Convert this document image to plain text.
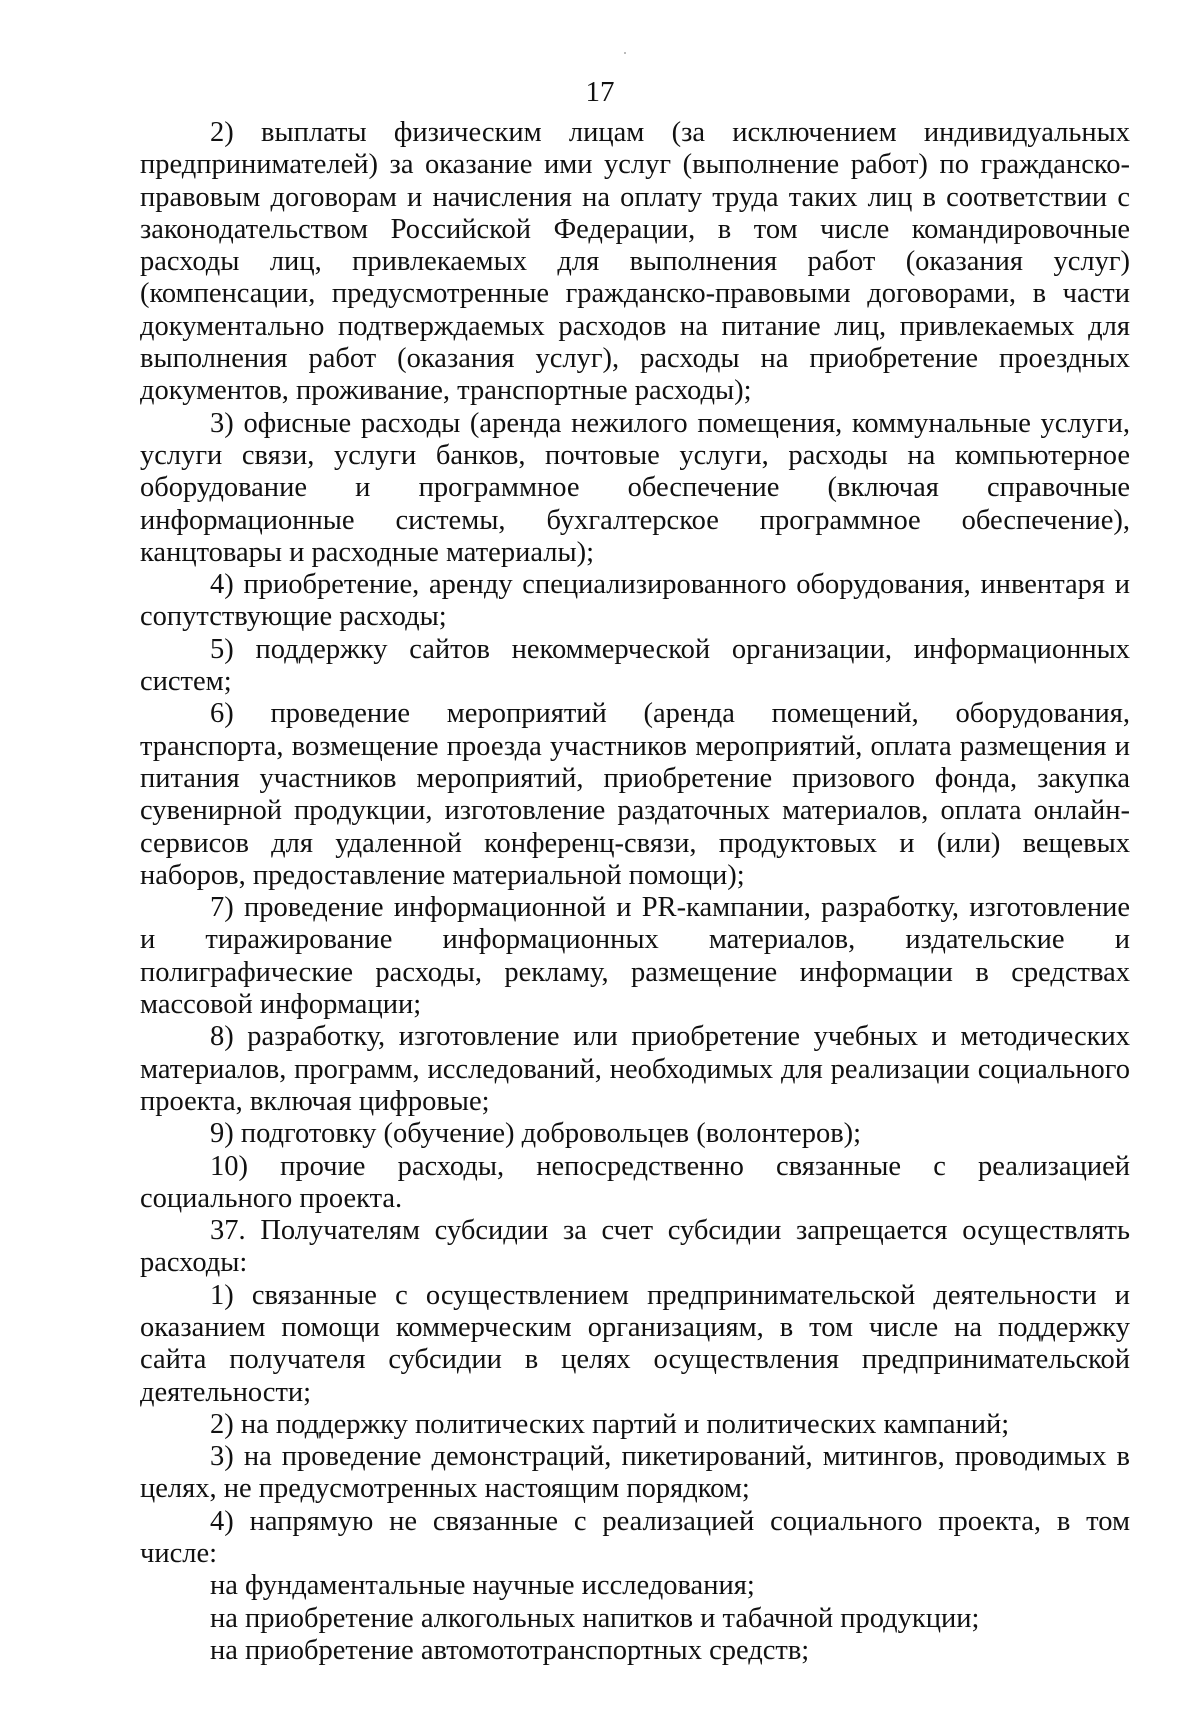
17

2) выплаты физическим лицам (за исключением индивидуальных предпринимателей) за оказание ими услуг (выполнение работ) по гражданско-правовым договорам и начисления на оплату труда таких лиц в соответствии с законодательством Российской Федерации, в том числе командировочные расходы лиц, привлекаемых для выполнения работ (оказания услуг) (компенсации, предусмотренные гражданско-правовыми договорами, в части документально подтверждаемых расходов на питание лиц, привлекаемых для выполнения работ (оказания услуг), расходы на приобретение проездных документов, проживание, транспортные расходы);

3) офисные расходы (аренда нежилого помещения, коммунальные услуги, услуги связи, услуги банков, почтовые услуги, расходы на компьютерное оборудование и программное обеспечение (включая справочные информационные системы, бухгалтерское программное обеспечение), канцтовары и расходные материалы);

4) приобретение, аренду специализированного оборудования, инвентаря и сопутствующие расходы;

5) поддержку сайтов некоммерческой организации, информационных систем;

6) проведение мероприятий (аренда помещений, оборудования, транспорта, возмещение проезда участников мероприятий, оплата размещения и питания участников мероприятий, приобретение призового фонда, закупка сувенирной продукции, изготовление раздаточных материалов, оплата онлайн-сервисов для удаленной конференц-связи, продуктовых и (или) вещевых наборов, предоставление материальной помощи);

7) проведение информационной и PR-кампании, разработку, изготовление и тиражирование информационных материалов, издательские и полиграфические расходы, рекламу, размещение информации в средствах массовой информации;

8) разработку, изготовление или приобретение учебных и методических материалов, программ, исследований, необходимых для реализации социального проекта, включая цифровые;

9) подготовку (обучение) добровольцев (волонтеров);

10) прочие расходы, непосредственно связанные с реализацией социального проекта.

37. Получателям субсидии за счет субсидии запрещается осуществлять расходы:

1) связанные с осуществлением предпринимательской деятельности и оказанием помощи коммерческим организациям, в том числе на поддержку сайта получателя субсидии в целях осуществления предпринимательской деятельности;

2) на поддержку политических партий и политических кампаний;

3) на проведение демонстраций, пикетирований, митингов, проводимых в целях, не предусмотренных настоящим порядком;

4) напрямую не связанные с реализацией социального проекта, в том числе:

на фундаментальные научные исследования;

на приобретение алкогольных напитков и табачной продукции;

на приобретение автомототранспортных средств;
